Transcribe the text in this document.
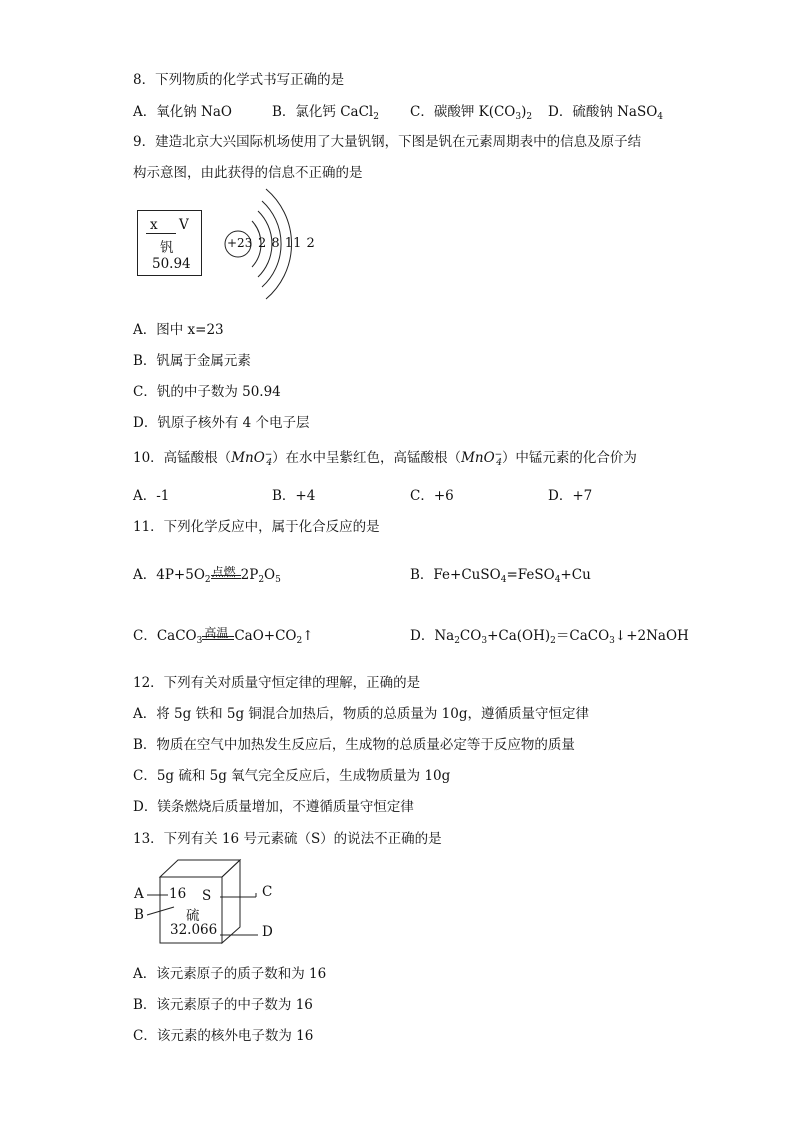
8．下列物质的化学式书写正确的是
A．氧化钠 NaO	B．氯化钙 CaCl$_2$ C．碳酸钾 $K(CO_3)_2$ D．硫酸钠 NaSO$_4$
9．建造北京大兴国际机场使用了大量钒钢，下图是钒在元素周期表中的信息及原子结
构示意图，由此获得的信息不正确的是
x V
钒
50.94
+23 2 8 11 2
A．图中 x=23
B．钒属于金属元素
C．钒的中子数为 50.94
D．钒原子核外有 4 个电子层
10．高锰酸根（MnO−$_4$）在水中呈紫红色，高锰酸根（MnO−$_4$）中锰元素的化合价为
A．-1	B．+4	C．+6	D．+7
11．下列化学反应中，属于化合反应的是
A．$4P+5O_2$
点燃 $2P_2O_5$	B．Fe+CuSO$_4$=FeSO$_4$+Cu
C．CaCO$_3$
高温 $CaO+CO_2↑$	D．$Na_2CO_3+Ca(OH)_2=CaCO_3↓+2NaOH$
12．下列有关对质量守恒定律的理解，正确的是
A．将 5g 铁和 5g 铜混合加热后，物质的总质量为 10g，遵循质量守恒定律
B．物质在空气中加热发生反应后，生成物的总质量必定等于反应物的质量
C．5g 硫和 5g 氧气完全反应后，生成物质量为 10g
D．镁条燃烧后质量增加，不遵循质量守恒定律
13．下列有关 16 号元素硫（S）的说法不正确的是
A 16 S	C
B	硫
32.066	D
A．该元素原子的质子数和为 16
B．该元素原子的中子数为 16
C．该元素的核外电子数为 16
